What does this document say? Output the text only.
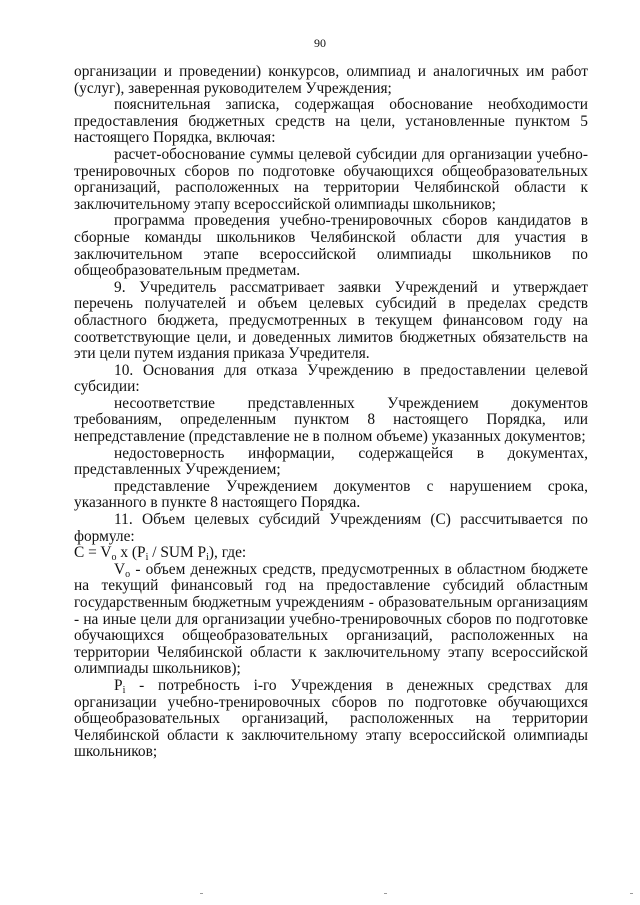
90

организации и проведении) конкурсов, олимпиад и аналогичных им работ (услуг), заверенная руководителем Учреждения;

пояснительная записка, содержащая обоснование необходимости предоставления бюджетных средств на цели, установленные пунктом 5 настоящего Порядка, включая:

расчет-обоснование суммы целевой субсидии для организации учебно-тренировочных сборов по подготовке обучающихся общеобразовательных организаций, расположенных на территории Челябинской области к заключительному этапу всероссийской олимпиады школьников;

программа проведения учебно-тренировочных сборов кандидатов в сборные команды школьников Челябинской области для участия в заключительном этапе всероссийской олимпиады школьников по общеобразовательным предметам.

9. Учредитель рассматривает заявки Учреждений и утверждает перечень получателей и объем целевых субсидий в пределах средств областного бюджета, предусмотренных в текущем финансовом году на соответствующие цели, и доведенных лимитов бюджетных обязательств на эти цели путем издания приказа Учредителя.

10. Основания для отказа Учреждению в предоставлении целевой субсидии:

несоответствие представленных Учреждением документов требованиям, определенным пунктом 8 настоящего Порядка, или непредставление (представление не в полном объеме) указанных документов;

недостоверность информации, содержащейся в документах, представленных Учреждением;

представление Учреждением документов с нарушением срока, указанного в пункте 8 настоящего Порядка.

11. Объем целевых субсидий Учреждениям (С) рассчитывается по формуле:

$C = V_o$ x ($P_i$ / SUM $P_i$), где:

$V_o$ - объем денежных средств, предусмотренных в областном бюджете на текущий финансовый год на предоставление субсидий областным государственным бюджетным учреждениям - образовательным организациям - на иные цели для организации учебно-тренировочных сборов по подготовке обучающихся общеобразовательных организаций, расположенных на территории Челябинской области к заключительному этапу всероссийской олимпиады школьников);

$P_i$ - потребность i-го Учреждения в денежных средствах для организации учебно-тренировочных сборов по подготовке обучающихся общеобразовательных организаций, расположенных на территории Челябинской области к заключительному этапу всероссийской олимпиады школьников;
